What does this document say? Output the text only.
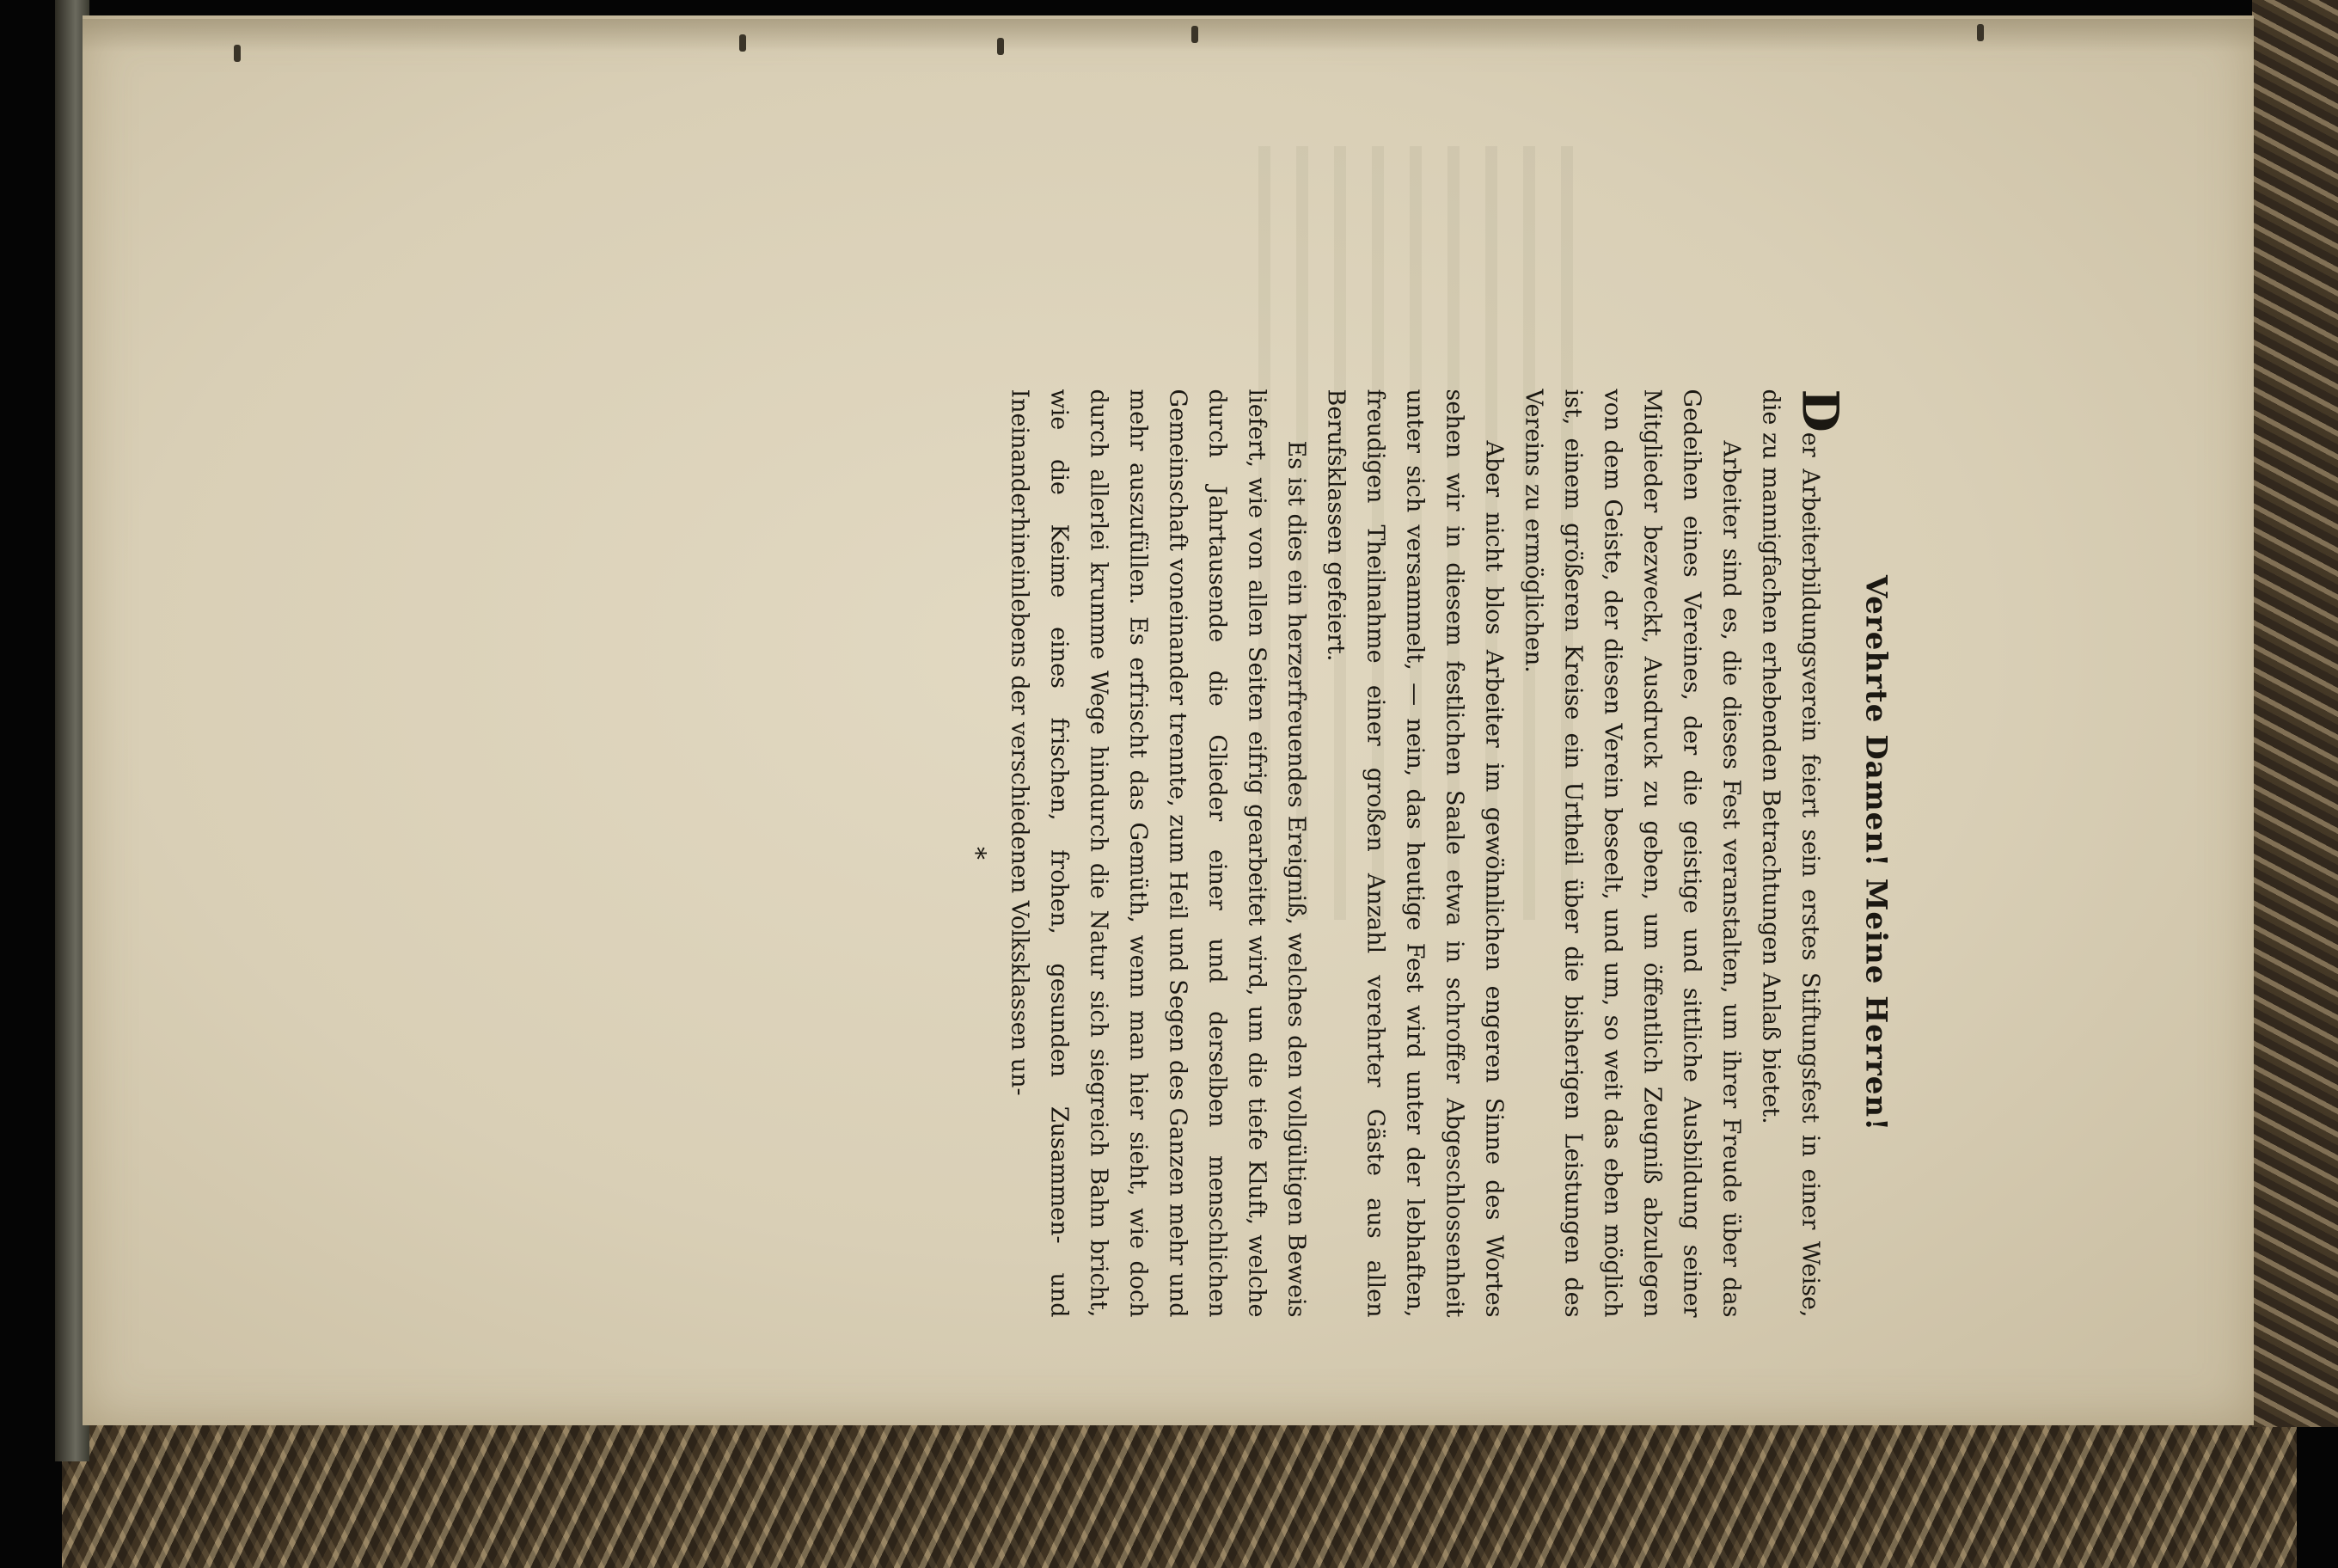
Verehrte Damen! Meine Herren!

Der Arbeiterbildungsverein feiert sein erstes Stiftungsfest in einer Weise, die zu mannigfachen erhebenden Betrachtungen Anlaß bietet.

Arbeiter sind es, die dieses Fest veranstalten, um ihrer Freude über das Gedeihen eines Vereines, der die geistige und sittliche Ausbildung seiner Mitglieder bezweckt, Ausdruck zu geben, um öffentlich Zeugniß abzulegen von dem Geiste, der diesen Verein beseelt, und um, so weit das eben möglich ist, einem größeren Kreise ein Urtheil über die bisherigen Leistungen des Vereins zu ermöglichen.

Aber nicht blos Arbeiter im gewöhnlichen engeren Sinne des Wortes sehen wir in diesem festlichen Saale etwa in schroffer Abgeschlossenheit unter sich versammelt, — nein, das heutige Fest wird unter der lebhaften, freudigen Theilnahme einer großen Anzahl verehrter Gäste aus allen Berufsklassen gefeiert.

Es ist dies ein herzerfreuendes Ereigniß, welches den vollgültigen Beweis liefert, wie von allen Seiten eifrig gearbeitet wird, um die tiefe Kluft, welche durch Jahrtausende die Glieder einer und derselben menschlichen Gemeinschaft voneinander trennte, zum Heil und Segen des Ganzen mehr und mehr auszufüllen. Es erfrischt das Gemüth, wenn man hier sieht, wie doch durch allerlei krumme Wege hindurch die Natur sich siegreich Bahn bricht, wie die Keime eines frischen, frohen, gesunden Zusammen- und Ineinanderhineinlebens der verschiedenen Volksklassen un-

*
